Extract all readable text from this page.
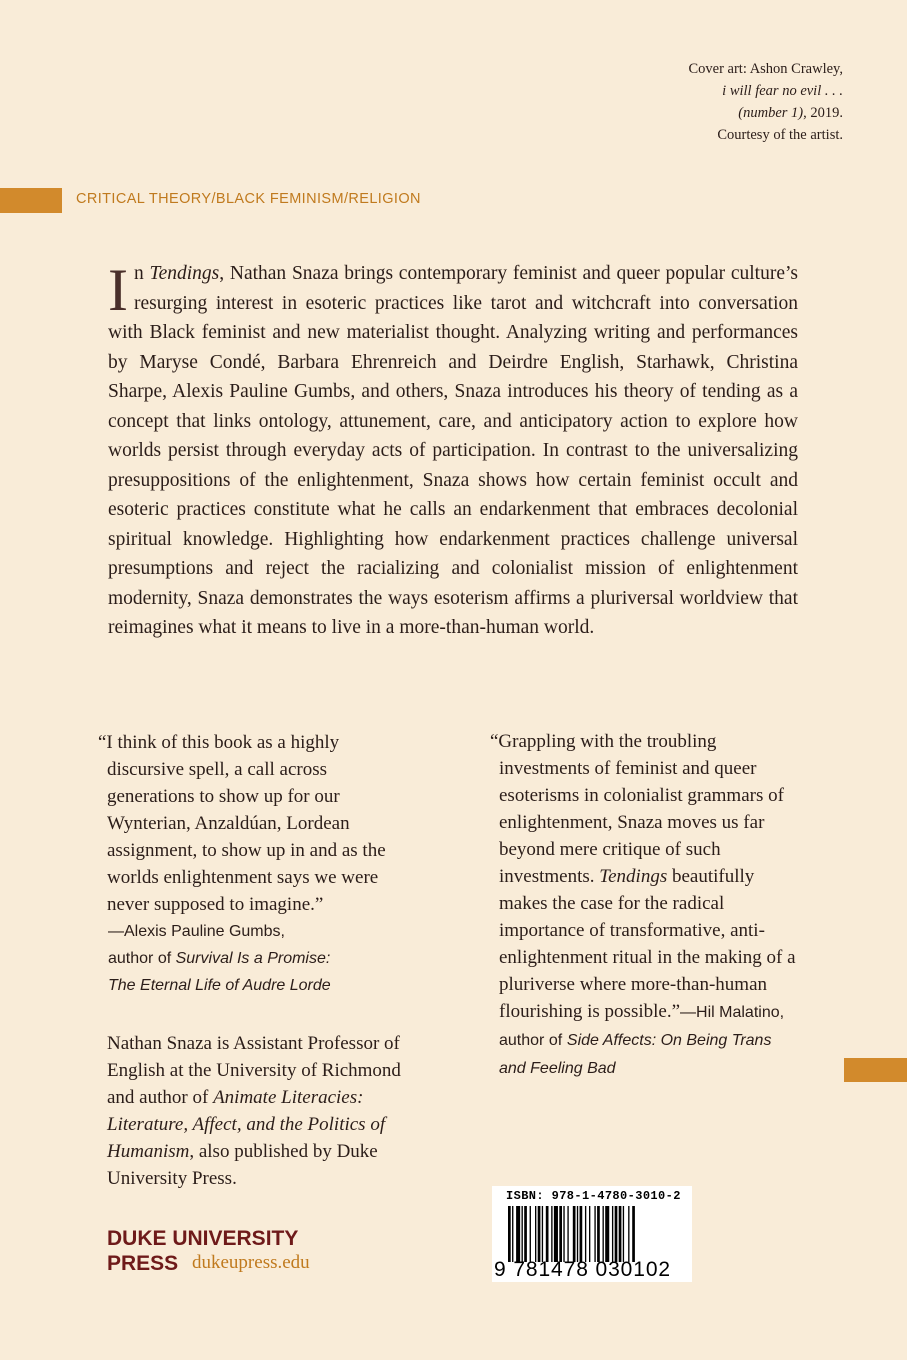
Cover art: Ashon Crawley,
i will fear no evil . . .
(number 1), 2019.
Courtesy of the artist.
CRITICAL THEORY/BLACK FEMINISM/RELIGION
In Tendings, Nathan Snaza brings contemporary feminist and queer popular culture’s resurging interest in esoteric practices like tarot and witchcraft into conversation with Black feminist and new materialist thought. Analyzing writing and performances by Maryse Condé, Barbara Ehrenreich and Deirdre English, Starhawk, Christina Sharpe, Alexis Pauline Gumbs, and others, Snaza introduces his theory of tending as a concept that links ontology, attunement, care, and anticipatory action to explore how worlds persist through everyday acts of participation. In contrast to the universalizing presuppositions of the enlightenment, Snaza shows how certain feminist occult and esoteric practices constitute what he calls an endarkenment that embraces decolonial spiritual knowledge. Highlighting how endarkenment practices challenge universal presumptions and reject the racializing and colonialist mission of enlightenment modernity, Snaza demonstrates the ways esoterism affirms a pluriversal worldview that reimagines what it means to live in a more-than-human world.
“I think of this book as a highly discursive spell, a call across generations to show up for our Wynterian, Anzaldúan, Lordean assignment, to show up in and as the worlds enlightenment says we were never supposed to imagine.”
—Alexis Pauline Gumbs,
author of Survival Is a Promise:
The Eternal Life of Audre Lorde
“Grappling with the troubling investments of feminist and queer esoterisms in colonialist grammars of enlightenment, Snaza moves us far beyond mere critique of such investments. Tendings beautifully makes the case for the radical importance of transformative, anti-enlightenment ritual in the making of a pluriverse where more-than-human flourishing is possible.”—Hil Malatino, author of Side Affects: On Being Trans and Feeling Bad
Nathan Snaza is Assistant Professor of English at the University of Richmond and author of Animate Literacies: Literature, Affect, and the Politics of Humanism, also published by Duke University Press.
DUKE UNIVERSITY
PRESS dukeupress.edu
ISBN: 978-1-4780-3010-2
9 781478 030102
